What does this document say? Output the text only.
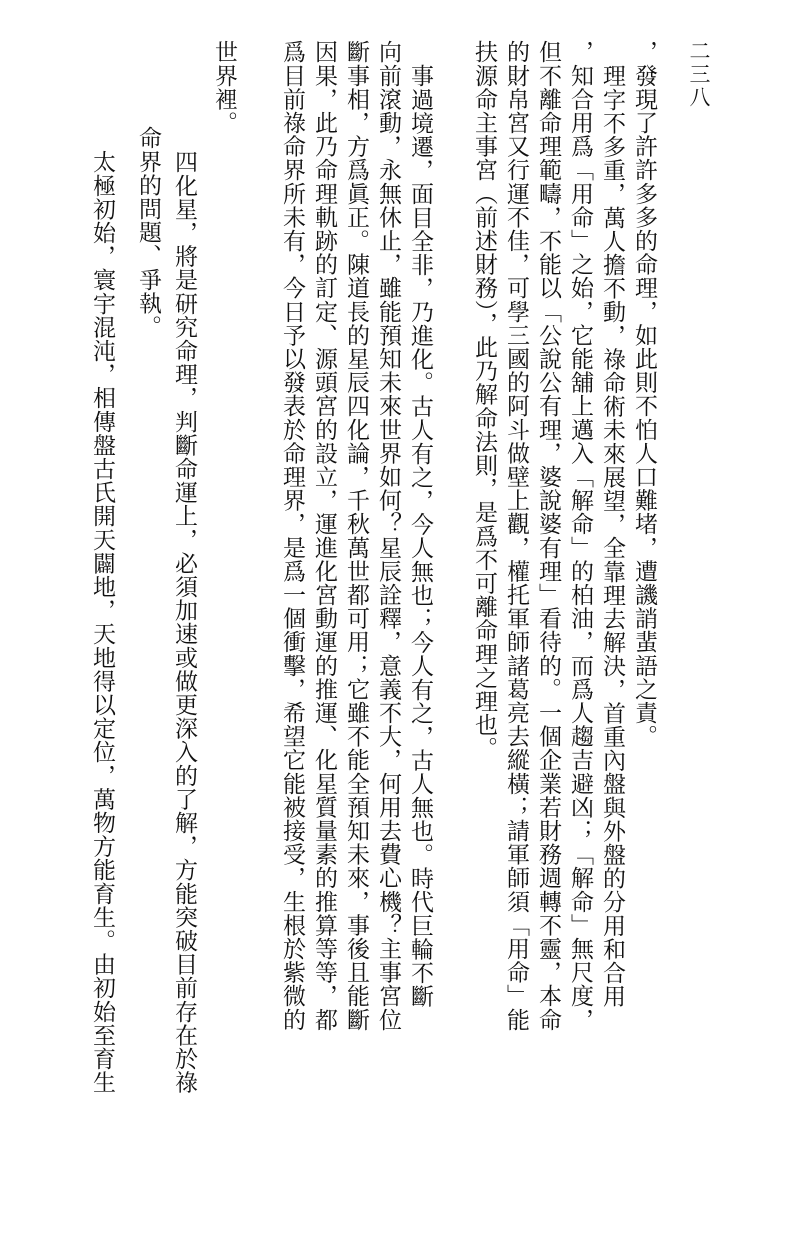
二三八
，發現了許許多多的命理，如此則不怕人口難堵，遭譏誚蜚語之責。
理字不多重，萬人擔不動，祿命術未來展望，全靠理去解決，首重內盤與外盤的分用和合用
，知合用爲「用命」之始，它能舖上邁入「解命」的柏油，而爲人趨吉避凶；「解命」無尺度，
但不離命理範疇，不能以「公說公有理，婆說婆有理」看待的。一個企業若財務週轉不靈，本命
的財帛宮又行運不佳，可學三國的阿斗做壁上觀，權托軍師諸葛亮去縱橫；請軍師須「用命」能
扶源命主事宮（前述財務），此乃解命法則，是爲不可離命理之理也。
事過境遷，面目全非，乃進化。古人有之，今人無也；今人有之，古人無也。時代巨輪不斷
向前滾動，永無休止，雖能預知未來世界如何？星辰詮釋，意義不大，何用去費心機？主事宮位
斷事相，方爲眞正。陳道長的星辰四化論，千秋萬世都可用；它雖不能全預知未來，事後且能斷
因果，此乃命理軌跡的訂定、源頭宮的設立，運進化宮動運的推運、化星質量素的推算等等，都
爲目前祿命界所未有，今日予以發表於命理界，是爲一個衝擊，希望它能被接受，生根於紫微的
世界裡。
四化星，將是研究命理，判斷命運上，必須加速或做更深入的了解，方能突破目前存在於祿
命界的問題、爭執。
太極初始，寰宇混沌，相傳盤古氏開天闢地，天地得以定位，萬物方能育生。由初始至育生
